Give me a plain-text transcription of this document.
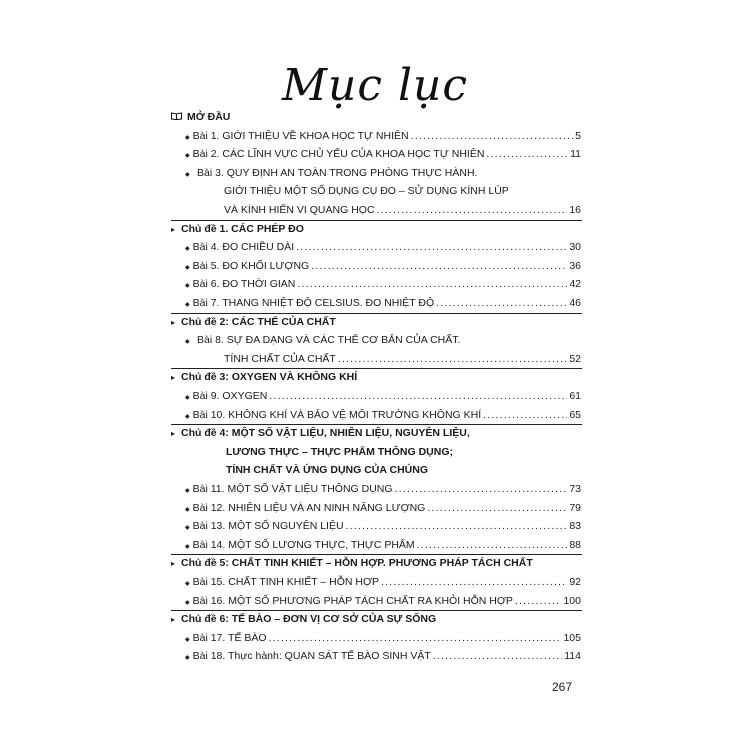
Mục lục
MỞ ĐẦU
◆ Bài 1. GIỚI THIỆU VỀ KHOA HỌC TỰ NHIÊN .....	5
◆ Bài 2. CÁC LĨNH VỰC CHỦ YẾU CỦA KHOA HỌC TỰ NHIÊN .....	11
◆ Bài 3. QUY ĐỊNH AN TOÀN TRONG PHÒNG THỰC HÀNH.
GIỚI THIỆU MỘT SỐ DỤNG CỤ ĐO – SỬ DỤNG KÍNH LÚP
VÀ KÍNH HIỂN VI QUANG HỌC .....	16
▸ Chủ đề 1. CÁC PHÉP ĐO
◆ Bài 4. ĐO CHIỀU DÀI .....	30
◆ Bài 5. ĐO KHỐI LƯỢNG .....	36
◆ Bài 6. ĐO THỜI GIAN .....	42
◆ Bài 7. THANG NHIỆT ĐỘ CELSIUS. ĐO NHIỆT ĐỘ .....	46
▸ Chủ đề 2: CÁC THỂ CỦA CHẤT
◆ Bài 8. SỰ ĐA DẠNG VÀ CÁC THỂ CƠ BẢN CỦA CHẤT.
TÍNH CHẤT CỦA CHẤT .....	52
▸ Chủ đề 3: OXYGEN VÀ KHÔNG KHÍ
◆ Bài 9. OXYGEN .....	61
◆ Bài 10. KHÔNG KHÍ VÀ BẢO VỆ MÔI TRƯỜNG KHÔNG KHÍ .....	65
▸ Chủ đề 4: MỘT SỐ VẬT LIỆU, NHIÊN LIỆU, NGUYÊN LIỆU,
LƯƠNG THỰC – THỰC PHẨM THÔNG DỤNG;
TÍNH CHẤT VÀ ỨNG DỤNG CỦA CHÚNG
◆ Bài 11. MỘT SỐ VẬT LIỆU THÔNG DỤNG .....	73
◆ Bài 12. NHIÊN LIỆU VÀ AN NINH NĂNG LƯỢNG .....	79
◆ Bài 13. MỘT SỐ NGUYÊN LIỆU .....	83
◆ Bài 14. MỘT SỐ LƯƠNG THỰC, THỰC PHẨM .....	88
▸ Chủ đề 5: CHẤT TINH KHIẾT – HỖN HỢP. PHƯƠNG PHÁP TÁCH CHẤT
◆ Bài 15. CHẤT TINH KHIẾT – HỖN HỢP .....	92
◆ Bài 16. MỘT SỐ PHƯƠNG PHÁP TÁCH CHẤT RA KHỎI HỖN HỢP .....	100
▸ Chủ đề 6: TẾ BÀO – ĐƠN VỊ CƠ SỞ CỦA SỰ SỐNG
◆ Bài 17. TẾ BÀO .....	105
◆ Bài 18. Thực hành: QUAN SÁT TẾ BÀO SINH VẬT .....	114
267
